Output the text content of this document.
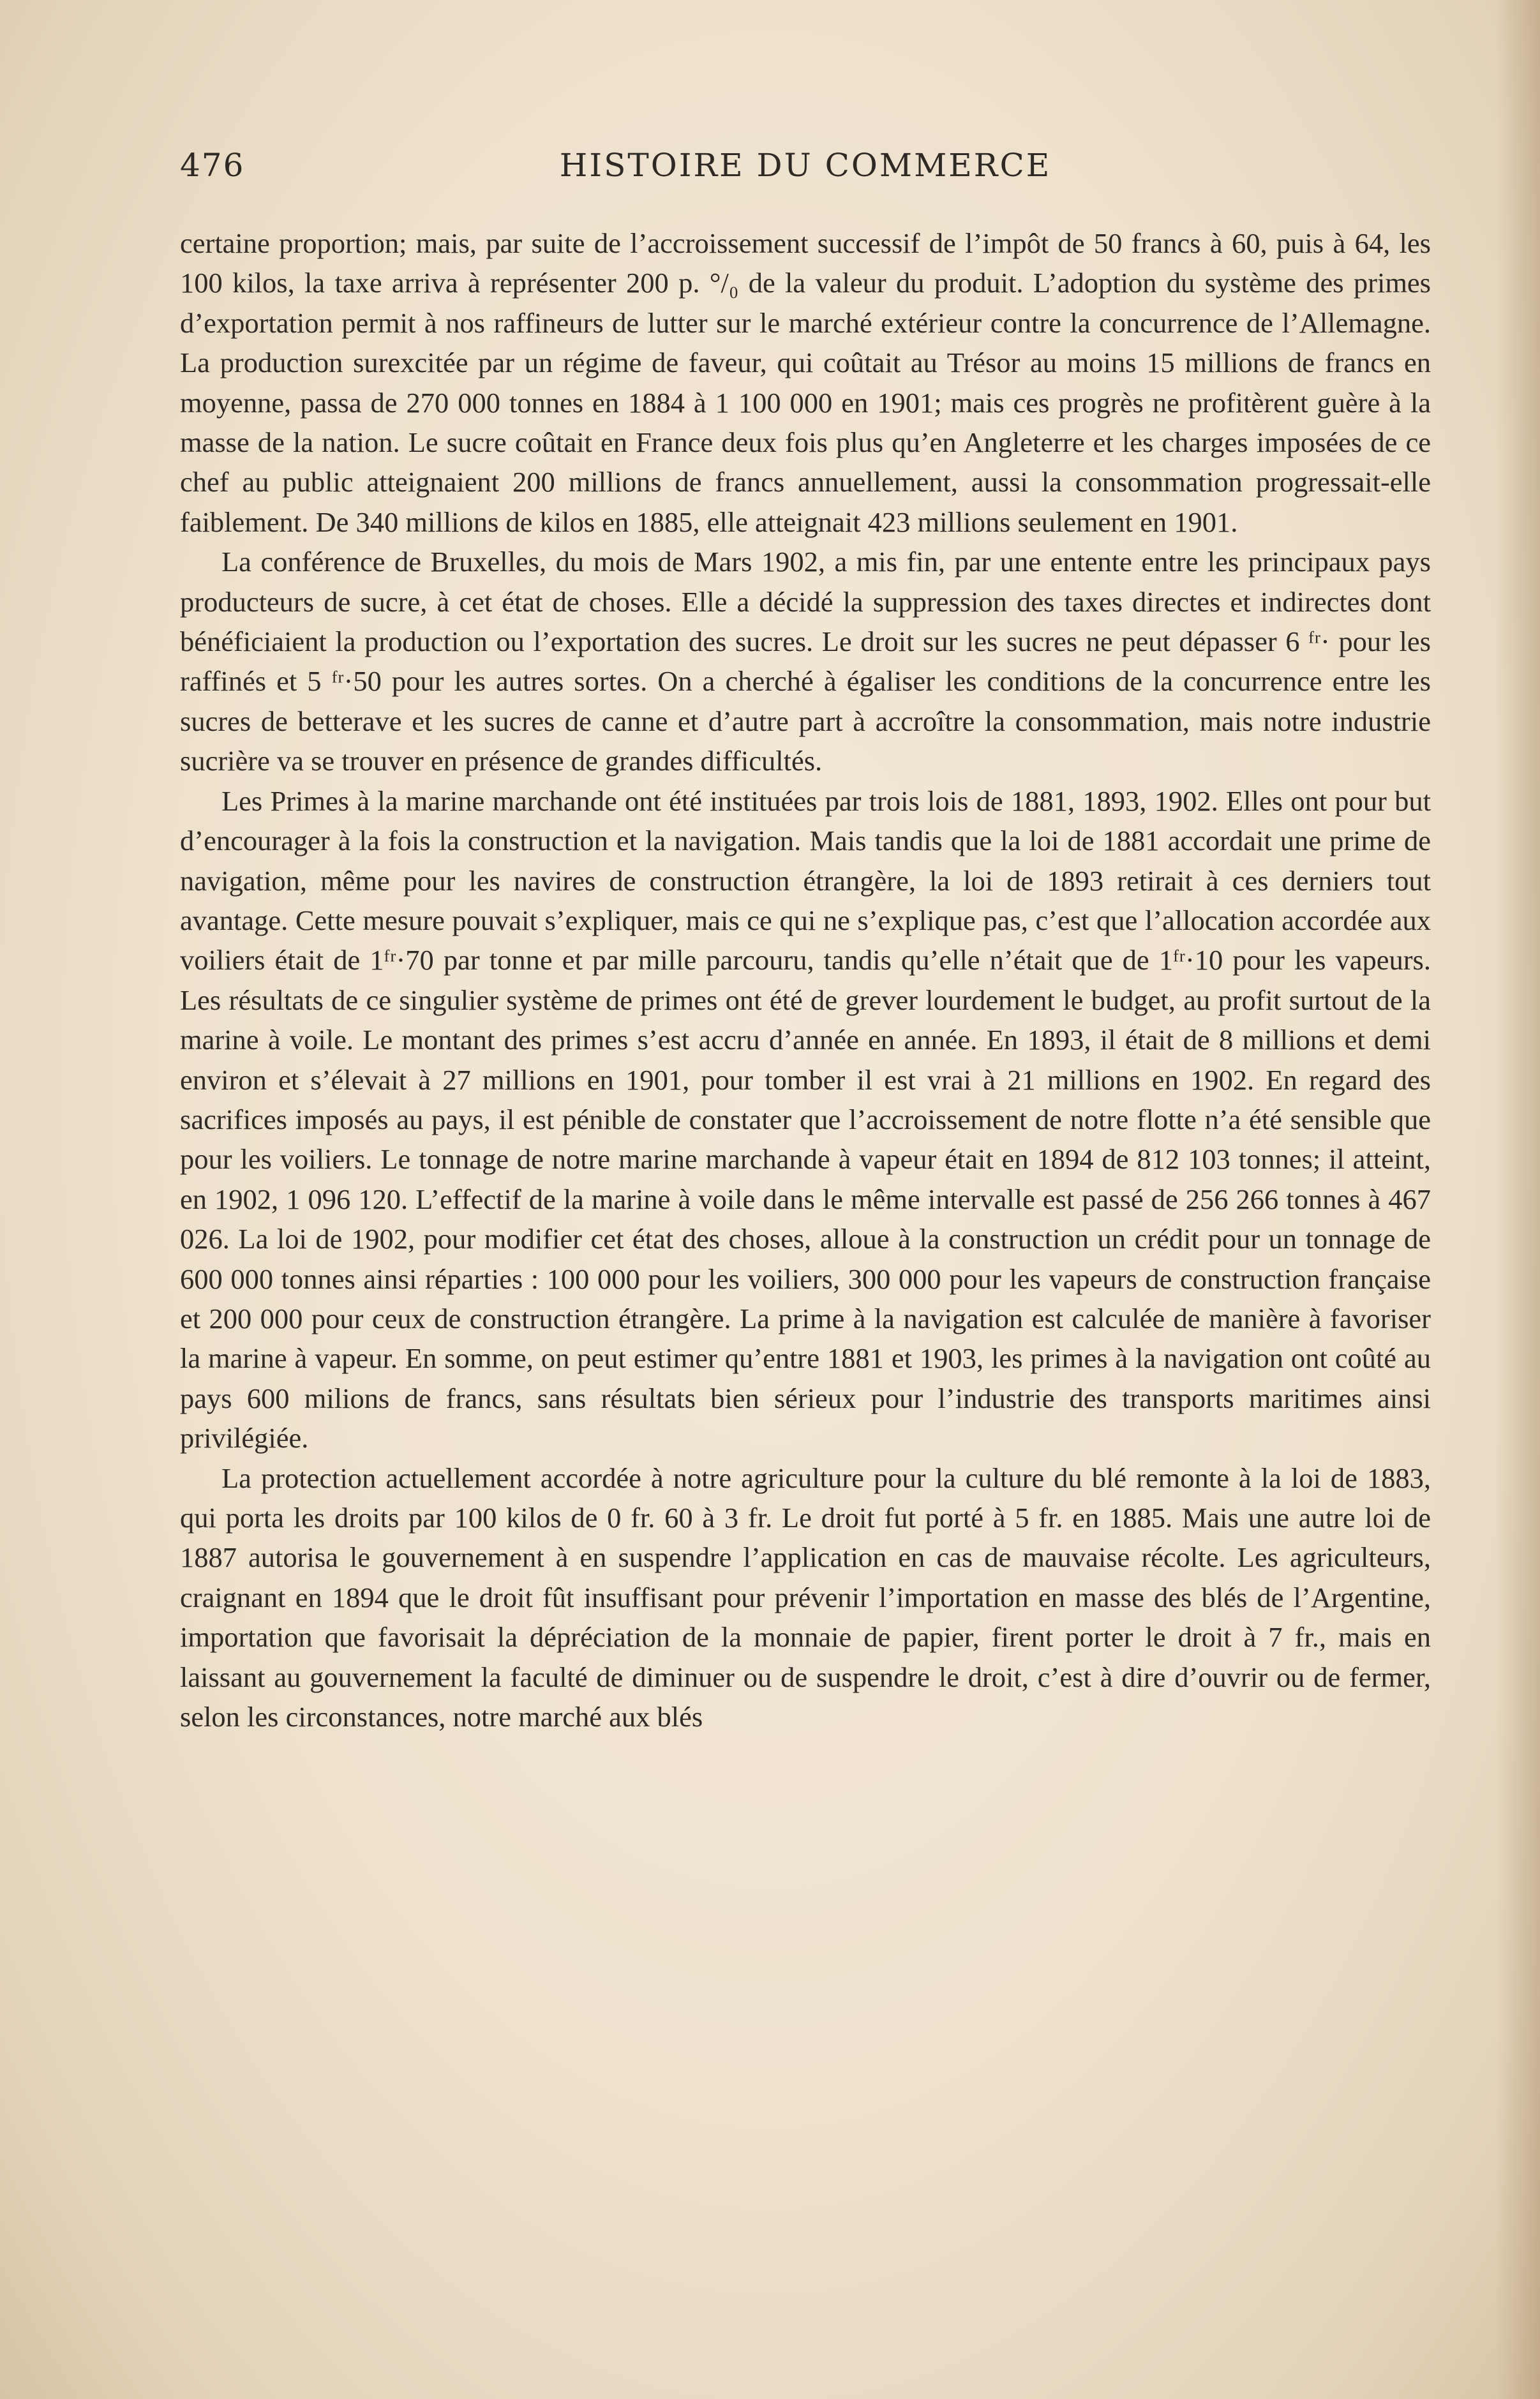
476	HISTOIRE DU COMMERCE

certaine proportion; mais, par suite de l’accroissement successif de l’impôt de 50 francs à 60, puis à 64, les 100 kilos, la taxe arriva à représenter 200 p. °/₀ de la valeur du produit. L’adoption du système des primes d’exportation permit à nos raffineurs de lutter sur le marché extérieur contre la concurrence de l’Allemagne. La production surexcitée par un régime de faveur, qui coûtait au Trésor au moins 15 millions de francs en moyenne, passa de 270 000 tonnes en 1884 à 1 100 000 en 1901; mais ces progrès ne profitèrent guère à la masse de la nation. Le sucre coûtait en France deux fois plus qu’en Angleterre et les charges imposées de ce chef au public atteignaient 200 millions de francs annuellement, aussi la consommation progressait-elle faiblement. De 340 millions de kilos en 1885, elle atteignait 423 millions seulement en 1901.

La conférence de Bruxelles, du mois de Mars 1902, a mis fin, par une entente entre les principaux pays producteurs de sucre, à cet état de choses. Elle a décidé la suppression des taxes directes et indirectes dont bénéficiaient la production ou l’exportation des sucres. Le droit sur les sucres ne peut dépasser 6 ᶠʳ· pour les raffinés et 5 ᶠʳ·50 pour les autres sortes. On a cherché à égaliser les conditions de la concurrence entre les sucres de betterave et les sucres de canne et d’autre part à accroître la consommation, mais notre industrie sucrière va se trouver en présence de grandes difficultés.

Les Primes à la marine marchande ont été instituées par trois lois de 1881, 1893, 1902. Elles ont pour but d’encourager à la fois la construction et la navigation. Mais tandis que la loi de 1881 accordait une prime de navigation, même pour les navires de construction étrangère, la loi de 1893 retirait à ces derniers tout avantage. Cette mesure pouvait s’expliquer, mais ce qui ne s’explique pas, c’est que l’allocation accordée aux voiliers était de 1ᶠʳ·70 par tonne et par mille parcouru, tandis qu’elle n’était que de 1ᶠʳ·10 pour les vapeurs. Les résultats de ce singulier système de primes ont été de grever lourdement le budget, au profit surtout de la marine à voile. Le montant des primes s’est accru d’année en année. En 1893, il était de 8 millions et demi environ et s’élevait à 27 millions en 1901, pour tomber il est vrai à 21 millions en 1902. En regard des sacrifices imposés au pays, il est pénible de constater que l’accroissement de notre flotte n’a été sensible que pour les voiliers. Le tonnage de notre marine marchande à vapeur était en 1894 de 812 103 tonnes; il atteint, en 1902, 1 096 120. L’effectif de la marine à voile dans le même intervalle est passé de 256 266 tonnes à 467 026. La loi de 1902, pour modifier cet état des choses, alloue à la construction un crédit pour un tonnage de 600 000 tonnes ainsi réparties : 100 000 pour les voiliers, 300 000 pour les vapeurs de construction française et 200 000 pour ceux de construction étrangère. La prime à la navigation est calculée de manière à favoriser la marine à vapeur. En somme, on peut estimer qu’entre 1881 et 1903, les primes à la navigation ont coûté au pays 600 milions de francs, sans résultats bien sérieux pour l’industrie des transports maritimes ainsi privilégiée.

La protection actuellement accordée à notre agriculture pour la culture du blé remonte à la loi de 1883, qui porta les droits par 100 kilos de 0 fr. 60 à 3 fr. Le droit fut porté à 5 fr. en 1885. Mais une autre loi de 1887 autorisa le gouvernement à en suspendre l’application en cas de mauvaise récolte. Les agriculteurs, craignant en 1894 que le droit fût insuffisant pour prévenir l’importation en masse des blés de l’Argentine, importation que favorisait la dépréciation de la monnaie de papier, firent porter le droit à 7 fr., mais en laissant au gouvernement la faculté de diminuer ou de suspendre le droit, c’est à dire d’ouvrir ou de fermer, selon les circonstances, notre marché aux blés
